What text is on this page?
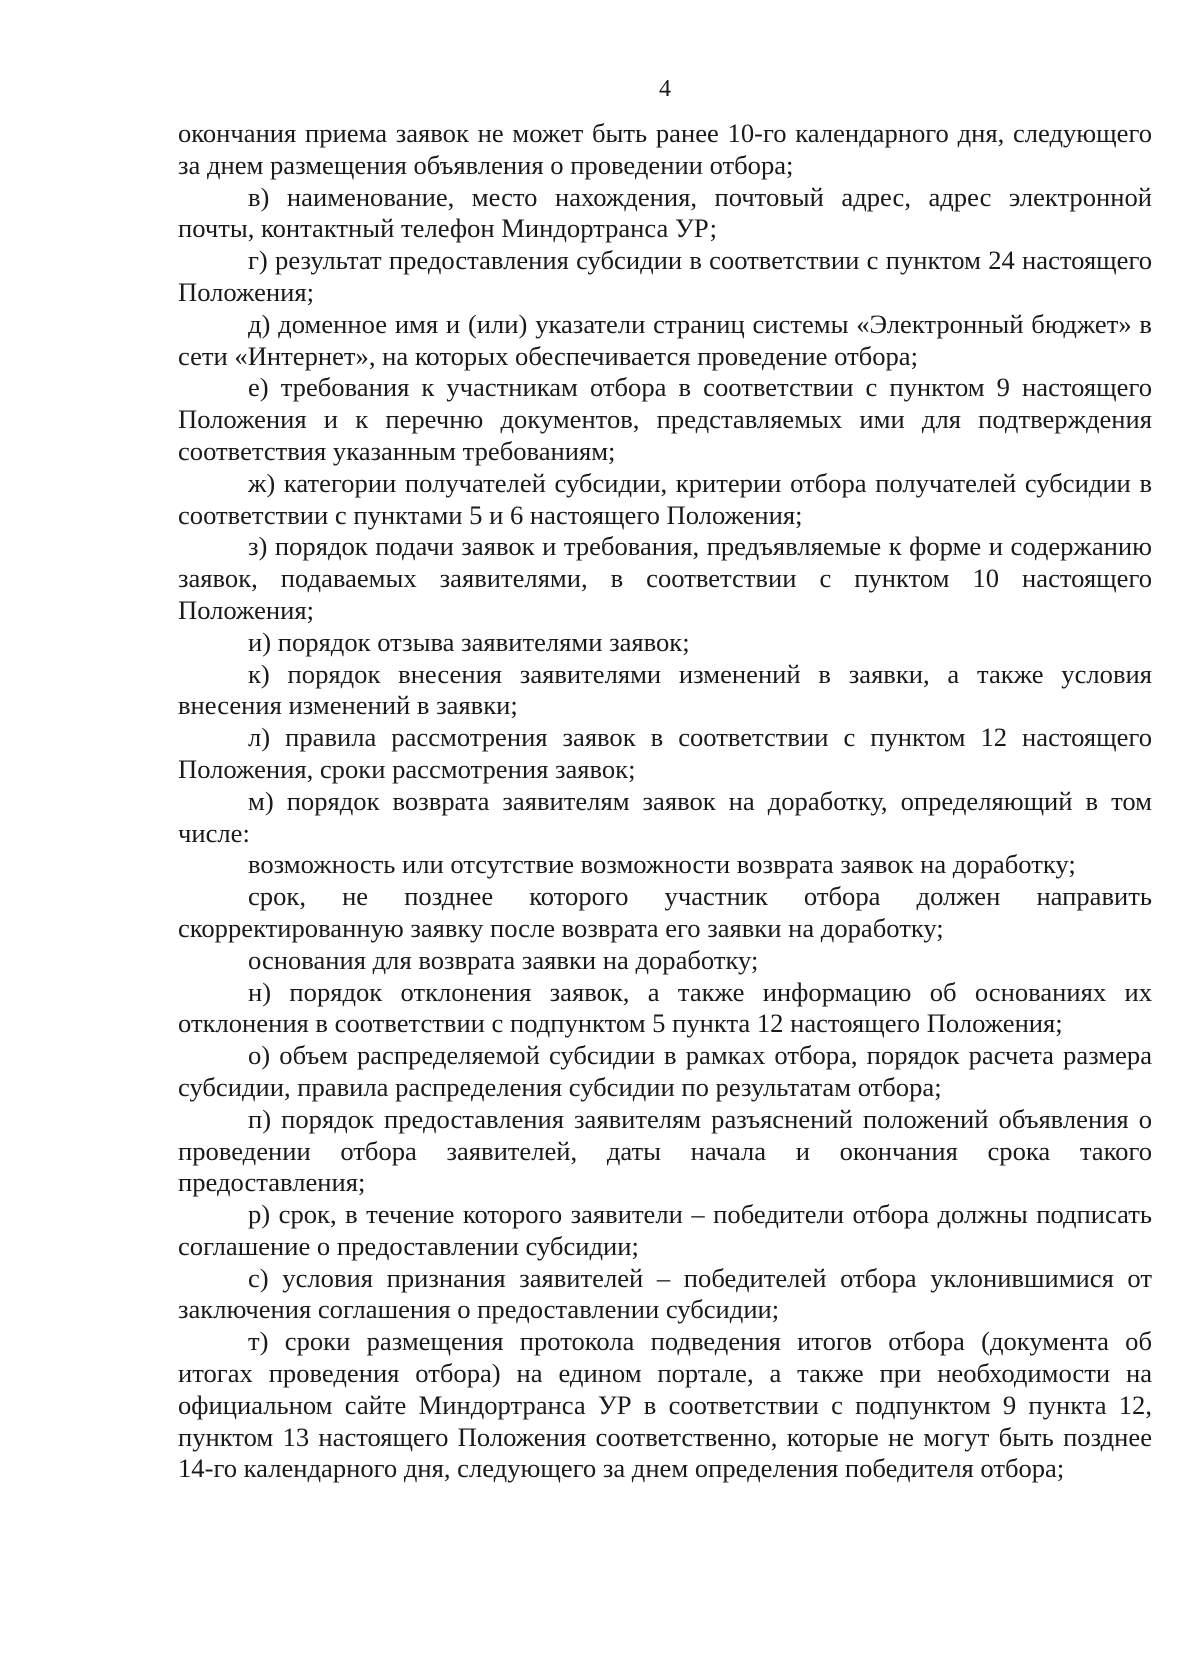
4

окончания приема заявок не может быть ранее 10-го календарного дня, следующего за днем размещения объявления о проведении отбора;

в) наименование, место нахождения, почтовый адрес, адрес электронной почты, контактный телефон Миндортранса УР;

г) результат предоставления субсидии в соответствии с пунктом 24 настоящего Положения;

д) доменное имя и (или) указатели страниц системы «Электронный бюджет» в сети «Интернет», на которых обеспечивается проведение отбора;

е) требования к участникам отбора в соответствии с пунктом 9 настоящего Положения и к перечню документов, представляемых ими для подтверждения соответствия указанным требованиям;

ж) категории получателей субсидии, критерии отбора получателей субсидии в соответствии с пунктами 5 и 6 настоящего Положения;

з) порядок подачи заявок и требования, предъявляемые к форме и содержанию заявок, подаваемых заявителями, в соответствии с пунктом 10 настоящего Положения;

и) порядок отзыва заявителями заявок;

к) порядок внесения заявителями изменений в заявки, а также условия внесения изменений в заявки;

л) правила рассмотрения заявок в соответствии с пунктом 12 настоящего Положения, сроки рассмотрения заявок;

м) порядок возврата заявителям заявок на доработку, определяющий в том числе:

возможность или отсутствие возможности возврата заявок на доработку;

срок, не позднее которого участник отбора должен направить скорректированную заявку после возврата его заявки на доработку;

основания для возврата заявки на доработку;

н) порядок отклонения заявок, а также информацию об основаниях их отклонения в соответствии с подпунктом 5 пункта 12 настоящего Положения;

о) объем распределяемой субсидии в рамках отбора, порядок расчета размера субсидии, правила распределения субсидии по результатам отбора;

п) порядок предоставления заявителям разъяснений положений объявления о проведении отбора заявителей, даты начала и окончания срока такого предоставления;

р) срок, в течение которого заявители – победители отбора должны подписать соглашение о предоставлении субсидии;

с) условия признания заявителей – победителей отбора уклонившимися от заключения соглашения о предоставлении субсидии;

т) сроки размещения протокола подведения итогов отбора (документа об итогах проведения отбора) на едином портале, а также при необходимости на официальном сайте Миндортранса УР в соответствии с подпунктом 9 пункта 12, пунктом 13 настоящего Положения соответственно, которые не могут быть позднее 14-го календарного дня, следующего за днем определения победителя отбора;
